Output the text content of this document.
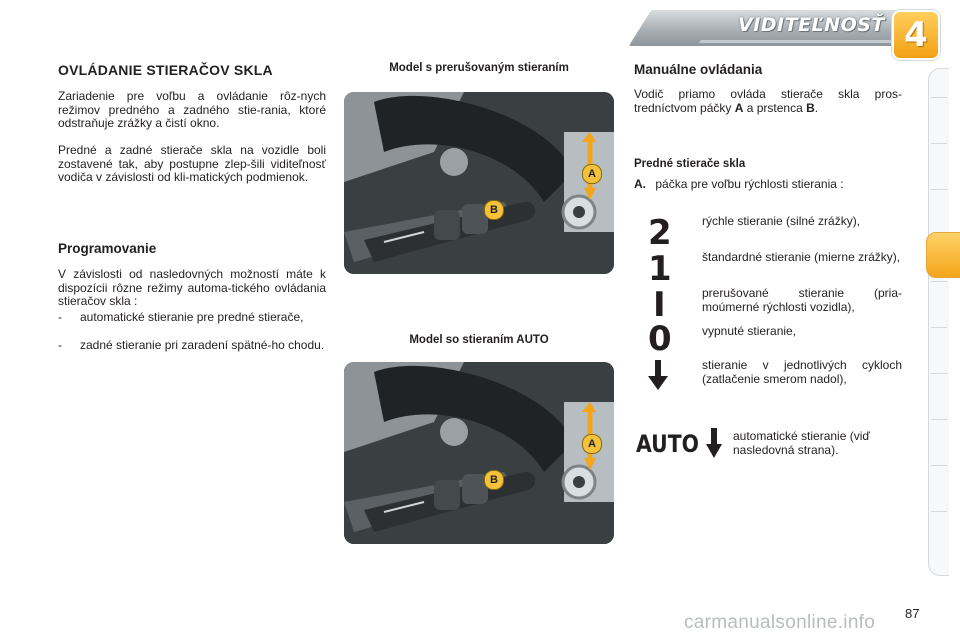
VIDITEĽNOSŤ 4
OVLÁDANIE STIERAČOV SKLA

Zariadenie pre voľbu a ovládanie rôz-nych režimov predného a zadného stie-rania, ktoré odstraňuje zrážky a čistí okno.

Predné a zadné stierače skla na vozidle boli zostavené tak, aby postupne zlep-šili viditeľnosť vodiča v závislosti od kli-matických podmienok.

Programovanie

V závislosti od nasledovných možností máte k dispozícii rôzne režimy automa-tického ovládania stieračov skla :

- automatické stieranie pre predné stierače,
- zadné stieranie pri zaradení spätné-ho chodu.
Model s prerušovaným stieraním
B
A
Model so stieraním AUTO
B
A
Manuálne ovládania

Vodič priamo ovláda stierače skla pros-tredníctvom páčky A a prstenca B.

Predné stierače skla
A. páčka pre voľbu rýchlosti stierania :
2	rýchle stieranie (silné zrážky),
1	štandardné stieranie (mierne zrážky),
I	prerušované stieranie (pria-moúmerné rýchlosti vozidla),
0	vypnuté stieranie,
stieranie v jednotlivých cykloch (zatlačenie smerom nadol),
AUTO	automatické stieranie (viď nasledovná strana).
87
carmanualsonline.info
